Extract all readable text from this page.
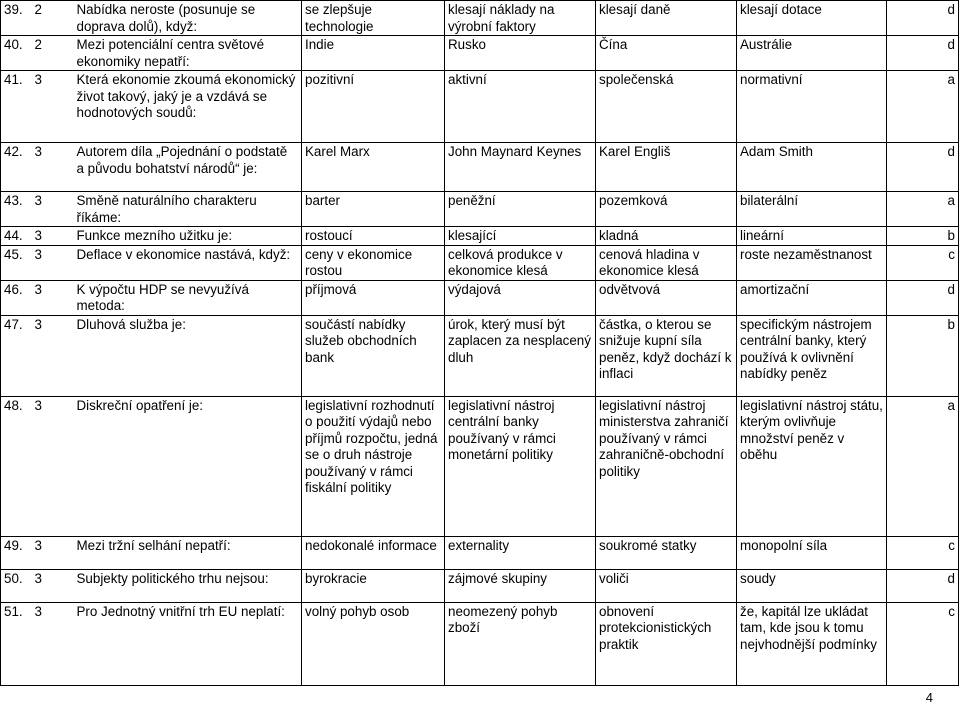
39.	2	Nabídka neroste (posunuje se doprava dolů), když:	se zlepšuje technologie	klesají náklady na výrobní faktory	klesají daně	klesají dotace	d
40.	2	Mezi potenciální centra světové ekonomiky nepatří:	Indie	Rusko	Čína	Austrálie	d
41.	3	Která ekonomie zkoumá ekonomický život takový, jaký je a vzdává se hodnotových soudů:	pozitivní	aktivní	společenská	normativní	a
42.	3	Autorem díla „Pojednání o podstatě a původu bohatství národů“ je:	Karel Marx	John Maynard Keynes	Karel Engliš	Adam Smith	d
43.	3	Směně naturálního charakteru říkáme:	barter	peněžní	pozemková	bilaterální	a
44.	3	Funkce mezního užitku je:	rostoucí	klesající	kladná	lineární	b
45.	3	Deflace v ekonomice nastává, když:	ceny v ekonomice rostou	celková produkce v ekonomice klesá	cenová hladina v ekonomice klesá	roste nezaměstnanost	c
46.	3	K výpočtu HDP se nevyužívá metoda:	příjmová	výdajová	odvětvová	amortizační	d
47.	3	Dluhová služba je:	součástí nabídky služeb obchodních bank	úrok, který musí být zaplacen za nesplacený dluh	částka, o kterou se snižuje kupní síla peněz, když dochází k inflaci	specifickým nástrojem centrální banky, který používá k ovlivnění nabídky peněz	b
48.	3	Diskreční opatření je:	legislativní rozhodnutí o použití výdajů nebo příjmů rozpočtu, jedná se o druh nástroje používaný v rámci fiskální politiky	legislativní nástroj centrální banky používaný v rámci monetární politiky	legislativní nástroj ministerstva zahraničí používaný v rámci zahraničně-obchodní politiky	legislativní nástroj státu, kterým ovlivňuje množství peněz v oběhu	a
49.	3	Mezi tržní selhání nepatří:	nedokonalé informace	externality	soukromé statky	monopolní síla	c
50.	3	Subjekty politického trhu nejsou:	byrokracie	zájmové skupiny	voliči	soudy	d
51.	3	Pro Jednotný vnitřní trh EU neplatí:	volný pohyb osob	neomezený pohyb zboží	obnovení protekcionistických praktik	že, kapitál lze ukládat tam, kde jsou k tomu nejvhodnější podmínky	c
4
